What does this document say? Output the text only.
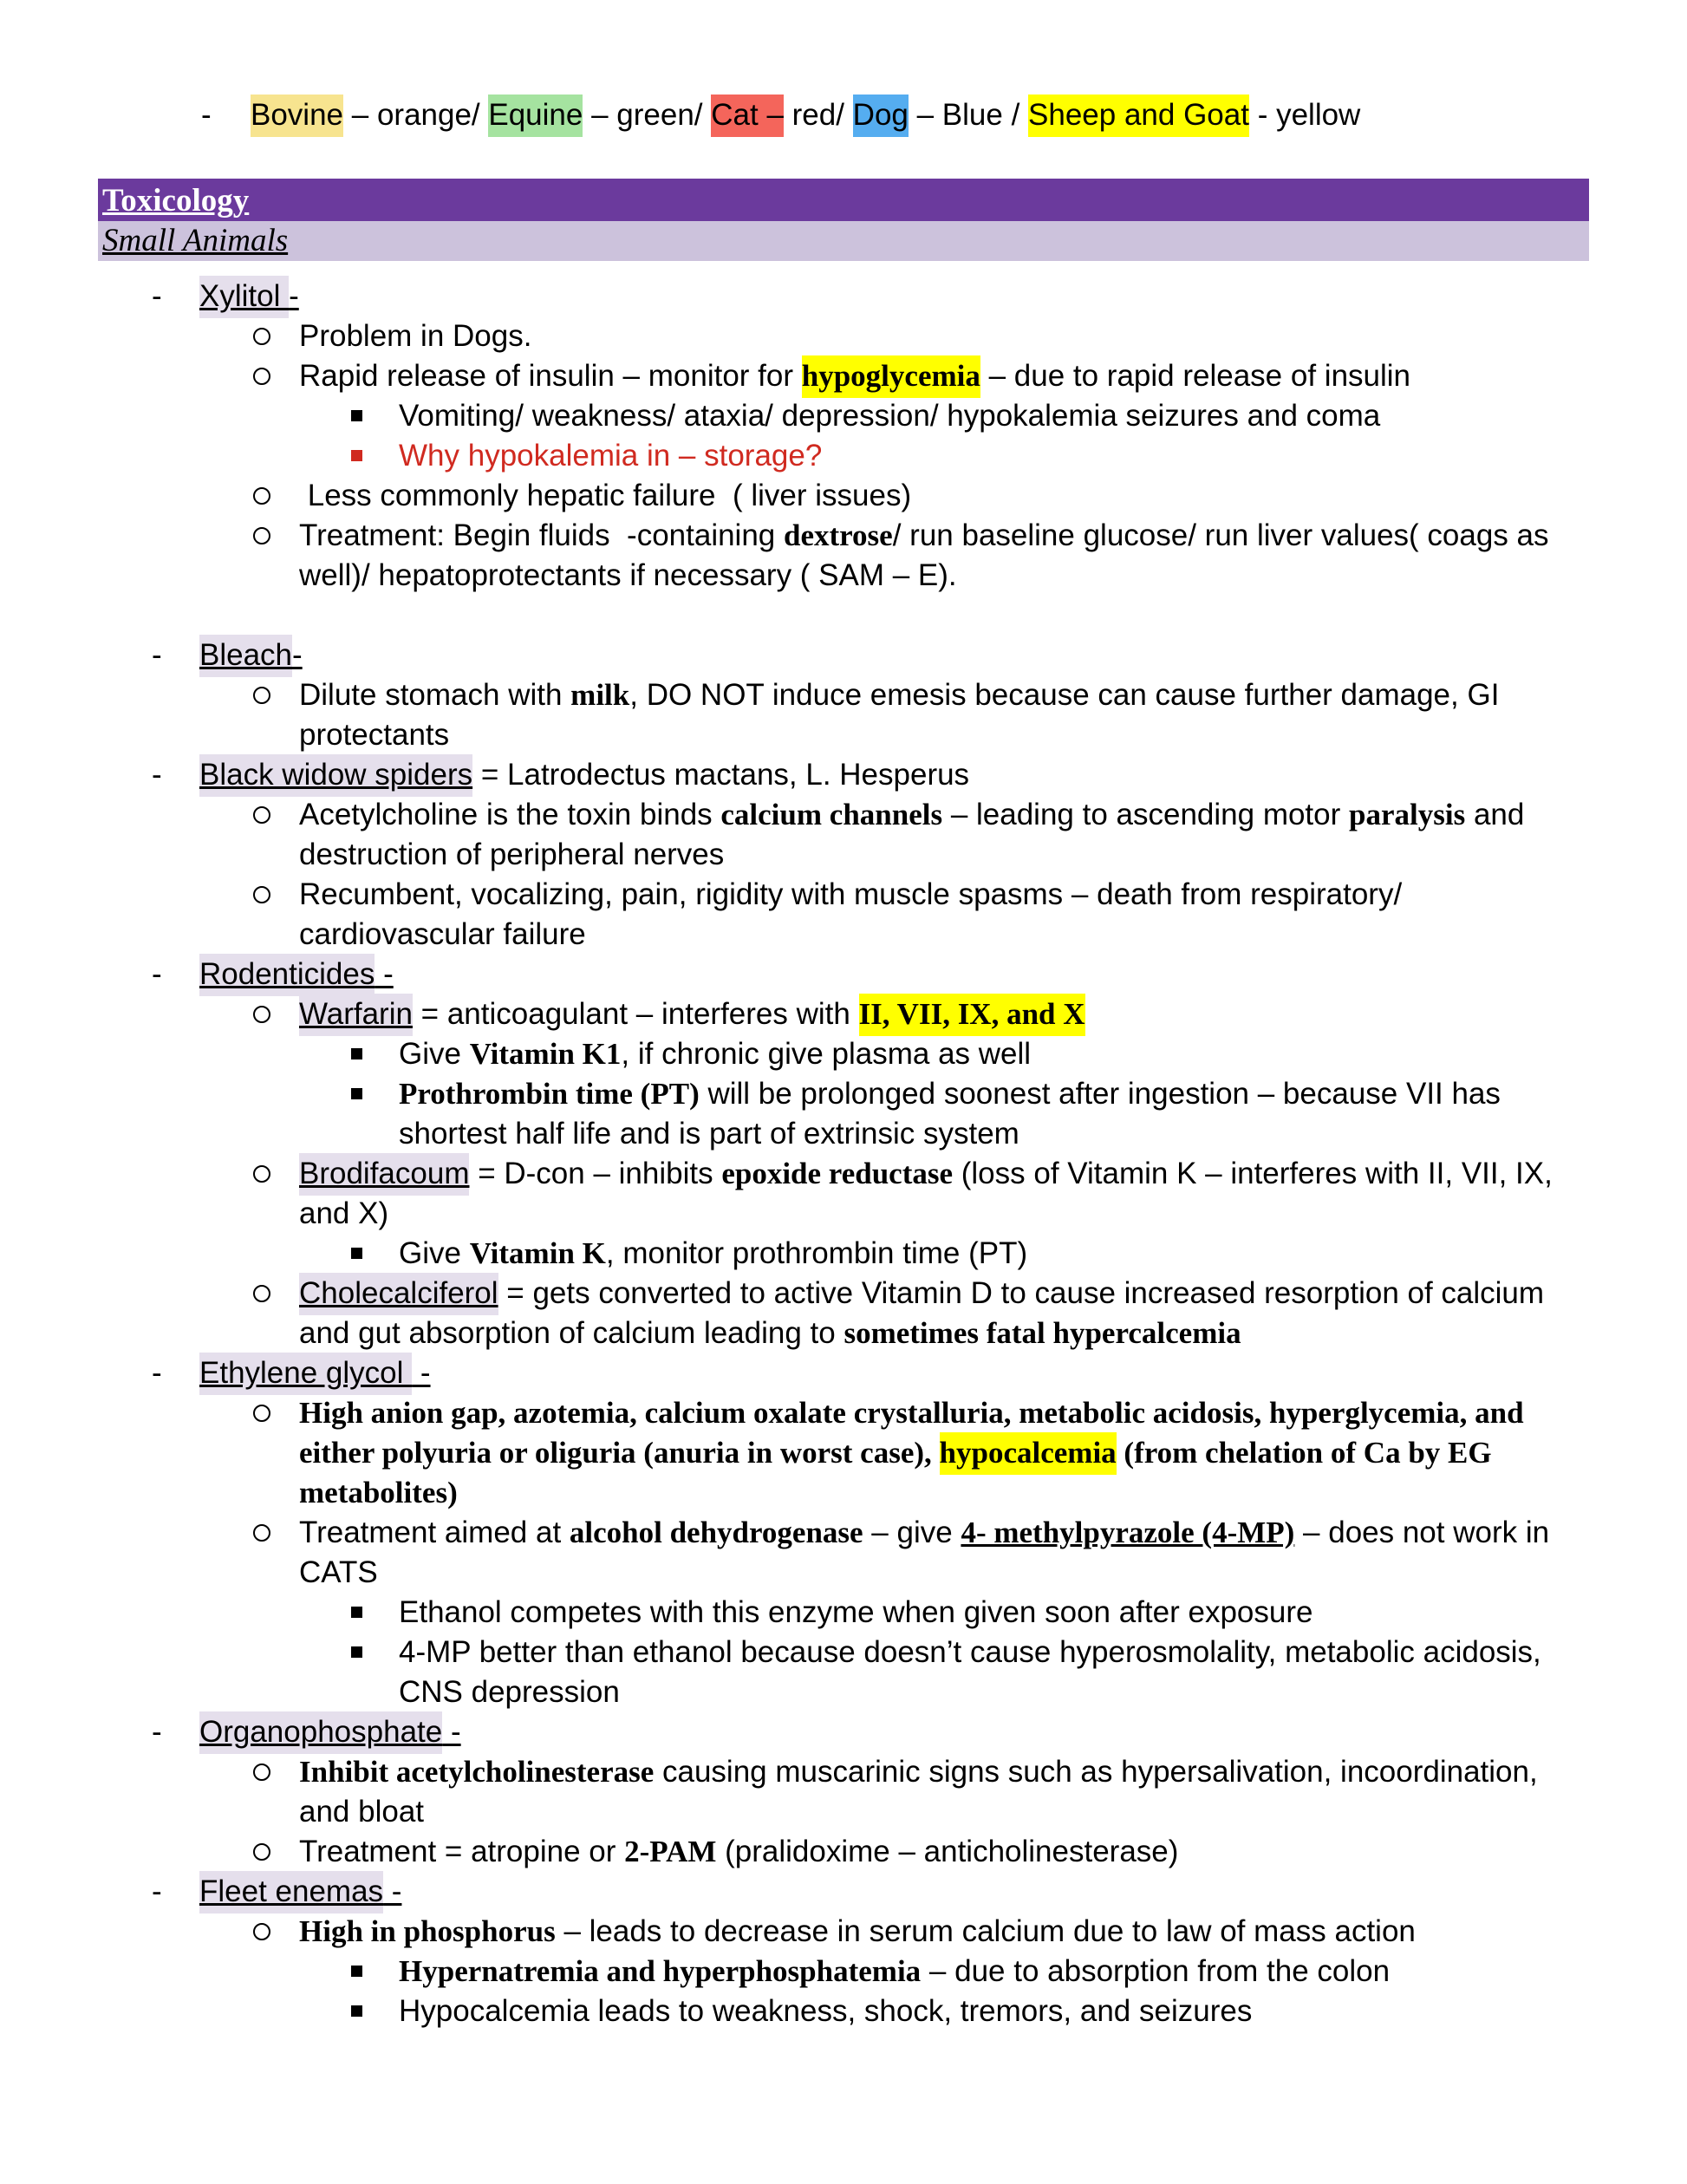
- Bovine – orange/ Equine – green/ Cat – red/ Dog – Blue / Sheep and Goat - yellow
Toxicology
Small Animals
- Xylitol -
Problem in Dogs.
Rapid release of insulin – monitor for hypoglycemia – due to rapid release of insulin
Vomiting/ weakness/ ataxia/ depression/ hypokalemia seizures and coma
Why hypokalemia in – storage?
Less commonly hepatic failure  ( liver issues)
Treatment: Begin fluids  -containing dextrose/ run baseline glucose/ run liver values( coags as well)/ hepatoprotectants if necessary ( SAM – E).
- Bleach-
Dilute stomach with milk, DO NOT induce emesis because can cause further damage, GI protectants
- Black widow spiders = Latrodectus mactans, L. Hesperus
Acetylcholine is the toxin binds calcium channels – leading to ascending motor paralysis and destruction of peripheral nerves
Recumbent, vocalizing, pain, rigidity with muscle spasms – death from respiratory/ cardiovascular failure
- Rodenticides -
Warfarin = anticoagulant – interferes with II, VII, IX, and X
Give Vitamin K1, if chronic give plasma as well
Prothrombin time (PT) will be prolonged soonest after ingestion – because VII has shortest half life and is part of extrinsic system
Brodifacoum = D-con – inhibits epoxide reductase (loss of Vitamin K – interferes with II, VII, IX, and X)
Give Vitamin K, monitor prothrombin time (PT)
Cholecalciferol = gets converted to active Vitamin D to cause increased resorption of calcium and gut absorption of calcium leading to sometimes fatal hypercalcemia
- Ethylene glycol  -
High anion gap, azotemia, calcium oxalate crystalluria, metabolic acidosis, hyperglycemia, and either polyuria or oliguria (anuria in worst case), hypocalcemia (from chelation of Ca by EG metabolites)
Treatment aimed at alcohol dehydrogenase – give 4- methylpyrazole (4-MP) – does not work in CATS
Ethanol competes with this enzyme when given soon after exposure
4-MP better than ethanol because doesn’t cause hyperosmolality, metabolic acidosis, CNS depression
- Organophosphate -
Inhibit acetylcholinesterase causing muscarinic signs such as hypersalivation, incoordination, and bloat
Treatment = atropine or 2-PAM (pralidoxime – anticholinesterase)
- Fleet enemas -
High in phosphorus – leads to decrease in serum calcium due to law of mass action
Hypernatremia and hyperphosphatemia – due to absorption from the colon
Hypocalcemia leads to weakness, shock, tremors, and seizures
